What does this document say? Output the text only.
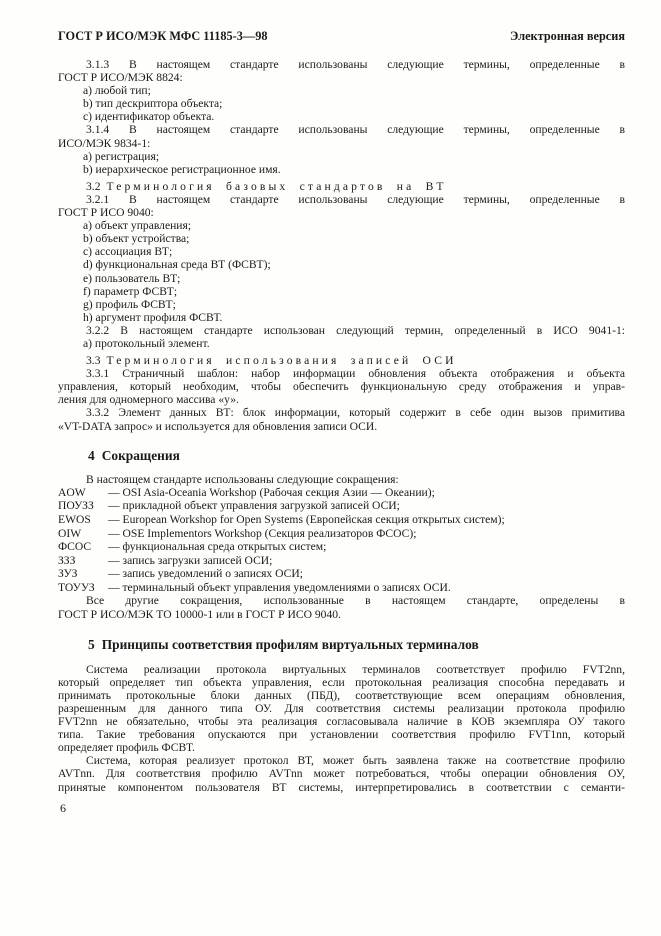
ГОСТ Р ИСО/МЭК МФС 11185-3—98	Электронная версия
3.1.3 В настоящем стандарте использованы следующие термины, определенные в
ГОСТ Р ИСО/МЭК 8824:
a) любой тип;
b) тип дескриптора объекта;
c) идентификатор объекта.
3.1.4 В настоящем стандарте использованы следующие термины, определенные в
ИСО/МЭК 9834-1:
a) регистрация;
b) иерархическое регистрационное имя.
3.2 Терминология базовых стандартов на ВТ
3.2.1 В настоящем стандарте использованы следующие термины, определенные в
ГОСТ Р ИСО 9040:
a) объект управления;
b) объект устройства;
c) ассоциация ВТ;
d) функциональная среда ВТ (ФСВТ);
e) пользователь ВТ;
f) параметр ФСВТ;
g) профиль ФСВТ;
h) аргумент профиля ФСВТ.
3.2.2 В настоящем стандарте использован следующий термин, определенный в ИСО 9041-1:
a) протокольный элемент.
3.3 Терминология использования записей ОСИ
3.3.1 Страничный шаблон: набор информации обновления объекта отображения и объекта
управления, который необходим, чтобы обеспечить функциональную среду отображения и управ-
ления для одномерного массива «у».
3.3.2 Элемент данных ВТ: блок информации, который содержит в себе один вызов примитива
«VT-DATA запрос» и используется для обновления записи ОСИ.
4 Сокращения
В настоящем стандарте использованы следующие сокращения:
AOW	— OSI Asia-Oceania Workshop (Рабочая секция Азии — Океании);
ПОУЗЗ	— прикладной объект управления загрузкой записей ОСИ;
EWOS	— European Workshop for Open Systems (Европейская секция открытых систем);
OIW	— OSE Implementors Workshop (Секция реализаторов ФСОС);
ФСОС	— функциональная среда открытых систем;
ЗЗЗ	— запись загрузки записей ОСИ;
ЗУЗ	— запись уведомлений о записях ОСИ;
ТОУУЗ	— терминальный объект управления уведомлениями о записях ОСИ.
Все другие сокращения, использованные в настоящем стандарте, определены в
ГОСТ Р ИСО/МЭК ТО 10000-1 или в ГОСТ Р ИСО 9040.
5 Принципы соответствия профилям виртуальных терминалов
Система реализации протокола виртуальных терминалов соответствует профилю FVT2nn,
который определяет тип объекта управления, если протокольная реализация способна передавать и
принимать протокольные блоки данных (ПБД), соответствующие всем операциям обновления,
разрешенным для данного типа ОУ. Для соответствия системы реализации протокола профилю
FVT2nn не обязательно, чтобы эта реализация согласовывала наличие в КОВ экземпляра ОУ такого
типа. Такие требования опускаются при установлении соответствия профилю FVT1nn, который
определяет профиль ФСВТ.
Система, которая реализует протокол ВТ, может быть заявлена также на соответствие профилю
AVTnn. Для соответствия профилю AVTnn может потребоваться, чтобы операции обновления ОУ,
принятые компонентом пользователя ВТ системы, интерпретировались в соответствии с семанти-
6
